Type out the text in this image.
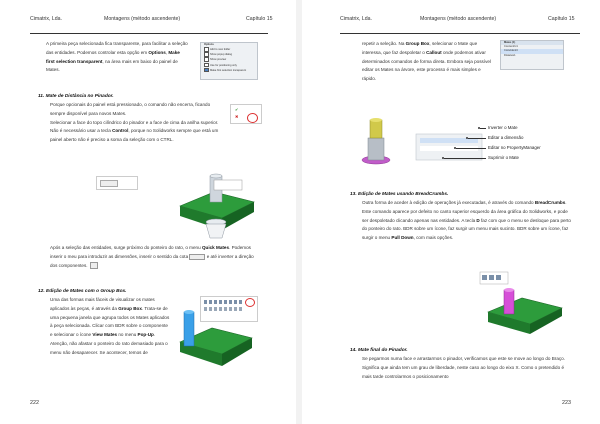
Cimatrix, Lda.	Montagens (método ascendente)	Capítulo 15
A primeira peça selecionada fica transparente, para facilitar a seleção das entidades. Podemos controlar esta opção em Options, Make first selection transparent, na área mais em baixo do painel de Mates.
Options
Add to new folder
Show popup dialog
Show preview
Use for positioning only
Make first selection transparent
11. Mate de Distância no Pinador.
Porque opcionais do painel está pressionado, o comando não encerra, ficando sempre disponível para novos Mates.
Selecionar a face do topo cilíndrico do pinador e a face de cima da anilha superior.
Não é necessário usar a tecla Control, porque no Solidworks sempre que está um painel aberto não é preciso a soma da seleção com o CTRL.
✔
✖
Após a seleção das entidades, surge próximo do ponteiro do rato, o menu Quick Mates. Podemos inserir o meu para introduzir as dimensões, inserir o sentido da cota	e até inverter a direção dos componentes.
12. Edição de Mates com o Group Box.
Uma das formas mais fáceis de visualizar os mates aplicados às peças, é através da Group Box. Trata-se de uma pequena janela que agrupa todos os Mates aplicados à peça selecionada. Clicar com BDR sobre o componente e selecionar o ícone View Mates no menu Pop-Up. Atenção, não afastar o ponteiro do rato demasiado para o menu não desaparecer. Se acontecer, temos de
222
Cimatrix, Lda.	Montagens (método ascendente)	Capítulo 15
repetir a seleção. Na Group Box, selecionar o Mate que interessa, que faz despoletar o Callout onde podemos ativar determinados comandos de forma direta. Embora seja possível editar os Mates na árvore, este processo é mais simples e rápido.
Mates (1)
Concentric1
Coincident3
Distance1
Inverter o Mate
Editar a dimensão
Editar no PropertyManager
Suprimir o Mate
13. Edição de Mates usando BreadCrumbs.
Outra forma de aceder à edição de operações já executadas, é através do comando BreadCrumbs. Este comando aparece por defeito no canto superior esquerdo da área gráfica do Solidworks, e pode ser despoletado clicando apenas nas entidades. A tecla D faz com que o menu se desloque para perto do ponteiro do rato. BDR sobre um ícone, faz surgir um menu mais sucinto. BDR sobre um ícone, faz surgir o menu Pull Down, com mais opções.
14. Mate final do Pinador.
Se pegarmos numa face e arrastarmos o pinador, verificamos que este se move ao longo do Braço. Significa que ainda tem um grau de liberdade, neste caso ao longo do eixo X. Como o pretendido é mais tarde controlarmos o posicionamento
223
